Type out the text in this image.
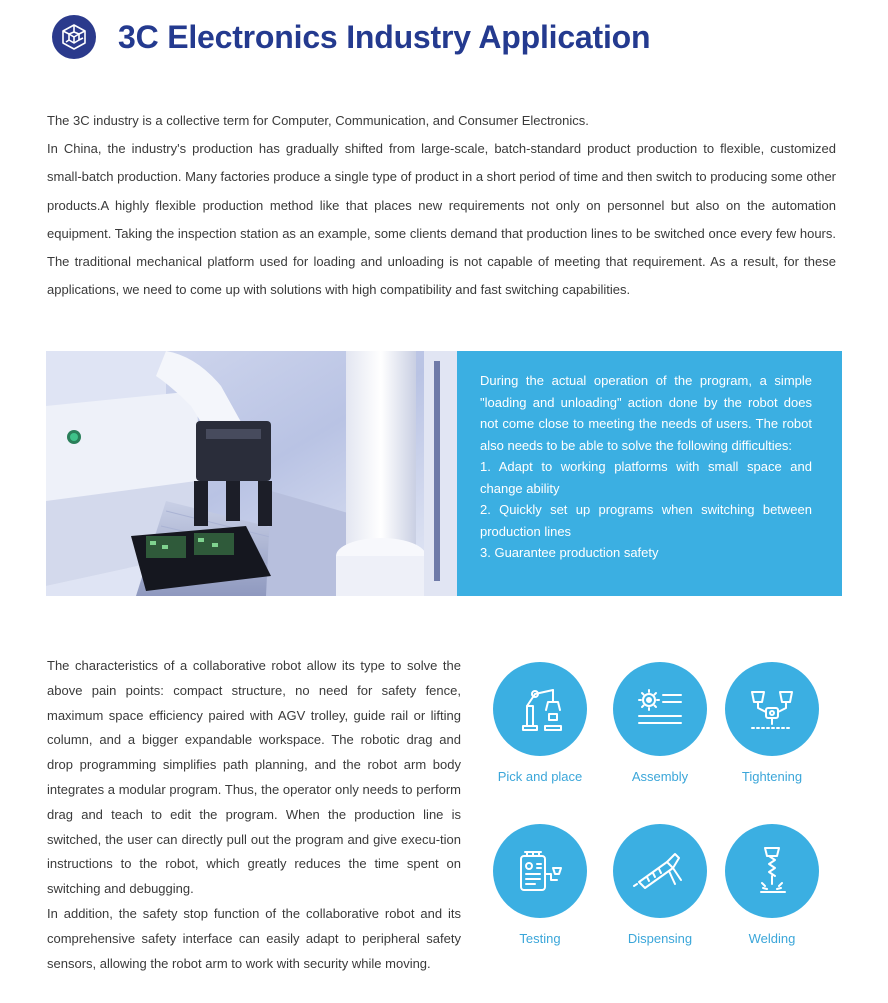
3C Electronics Industry Application

The 3C industry is a collective term for Computer, Communication, and Consumer Electronics.

In China, the industry's production has gradually shifted from large-scale, batch-standard product production to flexible, customized small-batch production. Many factories produce a single type of product in a short period of time and then switch to producing some other products.A highly flexible production method like that places new requirements not only on personnel but also on the automation equipment. Taking the inspection station as an example, some clients demand that production lines to be switched once every few hours. The traditional mechanical platform used for loading and unloading is not capable of meeting that requirement. As a result, for these applications, we need to come up with solutions with high compatibility and fast switching capabilities.

During the actual operation of the program, a simple "loading and unloading" action done by the robot does not come close to meeting the needs of users. The robot also needs to be able to solve the following difficulties:

1. Adapt to working platforms with small space and change ability

2. Quickly set up programs when switching between production lines

3. Guarantee production safety

The characteristics of a collaborative robot allow its type to solve the above pain points: compact structure, no need for safety fence, maximum space efficiency paired with AGV trolley, guide rail or lifting column, and a bigger expandable workspace. The robotic drag and drop programming simplifies path planning, and the robot arm body integrates a modular program. Thus, the operator only needs to perform drag and teach to edit the program. When the production line is switched, the user can directly pull out the program and give execu-tion instructions to the robot, which greatly reduces the time spent on switching and debugging.

In addition, the safety stop function of the collaborative robot and its comprehensive safety interface can easily adapt to peripheral safety sensors, allowing the robot arm to work with security while moving.

Pick and place	Assembly	Tightening
Testing	Dispensing	Welding
